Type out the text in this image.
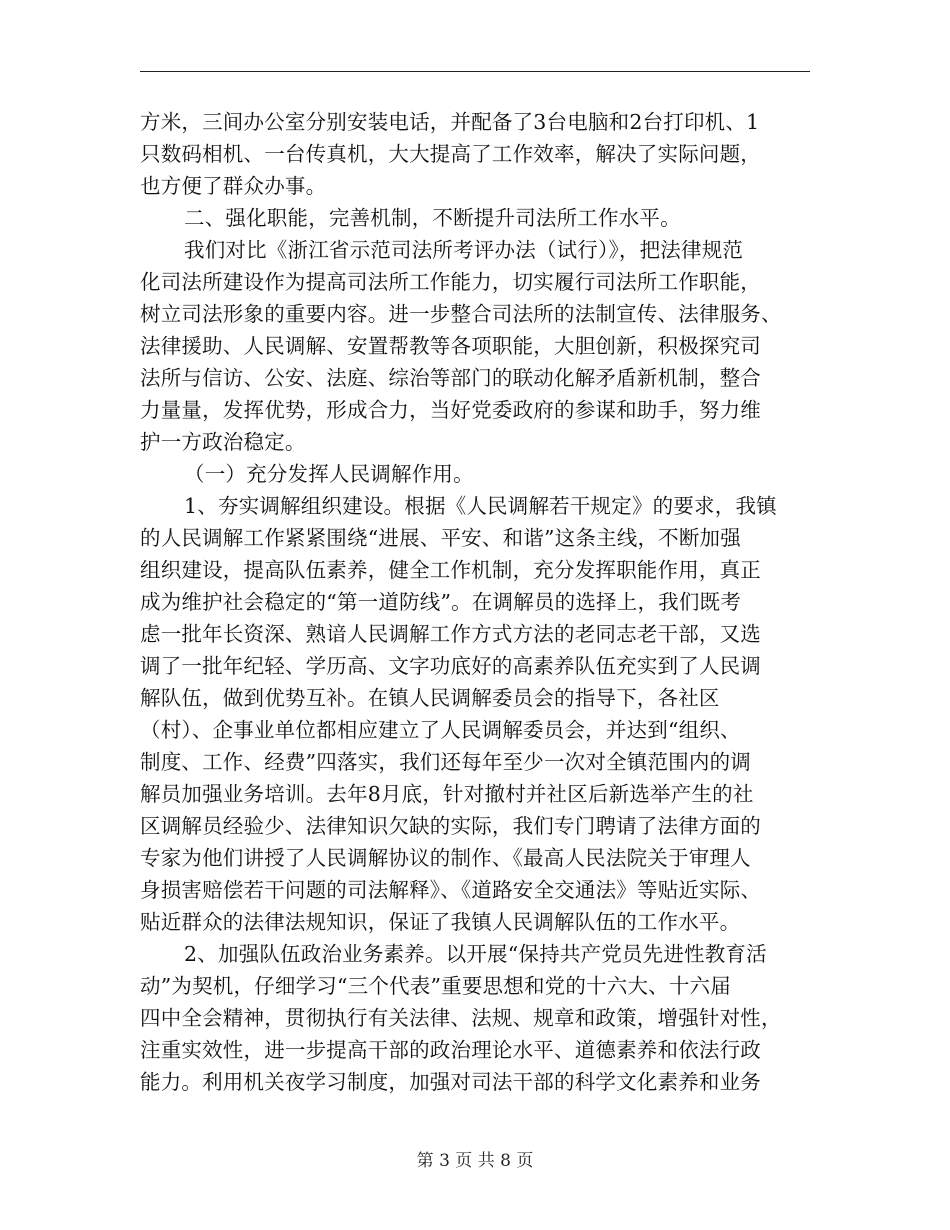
方米，三间办公室分别安装电话，并配备了3台电脑和2台打印机、1
只数码相机、一台传真机，大大提高了工作效率，解决了实际问题，
也方便了群众办事。
二、强化职能，完善机制，不断提升司法所工作水平。
我们对比《浙江省示范司法所考评办法（试行）》，把法律规范
化司法所建设作为提高司法所工作能力，切实履行司法所工作职能，
树立司法形象的重要内容。进一步整合司法所的法制宣传、法律服务、
法律援助、人民调解、安置帮教等各项职能，大胆创新，积极探究司
法所与信访、公安、法庭、综治等部门的联动化解矛盾新机制，整合
力量量，发挥优势，形成合力，当好党委政府的参谋和助手，努力维
护一方政治稳定。
（一）充分发挥人民调解作用。
1、夯实调解组织建设。根据《人民调解若干规定》的要求，我镇
的人民调解工作紧紧围绕“进展、平安、和谐”这条主线，不断加强
组织建设，提高队伍素养，健全工作机制，充分发挥职能作用，真正
成为维护社会稳定的“第一道防线”。在调解员的选择上，我们既考
虑一批年长资深、熟谙人民调解工作方式方法的老同志老干部，又选
调了一批年纪轻、学历高、文字功底好的高素养队伍充实到了人民调
解队伍，做到优势互补。在镇人民调解委员会的指导下，各社区
（村）、企事业单位都相应建立了人民调解委员会，并达到“组织、
制度、工作、经费”四落实，我们还每年至少一次对全镇范围内的调
解员加强业务培训。去年8月底，针对撤村并社区后新选举产生的社
区调解员经验少、法律知识欠缺的实际，我们专门聘请了法律方面的
专家为他们讲授了人民调解协议的制作、《最高人民法院关于审理人
身损害赔偿若干问题的司法解释》、《道路安全交通法》等贴近实际、
贴近群众的法律法规知识，保证了我镇人民调解队伍的工作水平。
2、加强队伍政治业务素养。以开展“保持共产党员先进性教育活
动”为契机，仔细学习“三个代表”重要思想和党的十六大、十六届
四中全会精神，贯彻执行有关法律、法规、规章和政策，增强针对性，
注重实效性，进一步提高干部的政治理论水平、道德素养和依法行政
能力。利用机关夜学习制度，加强对司法干部的科学文化素养和业务
第 3 页 共 8 页
